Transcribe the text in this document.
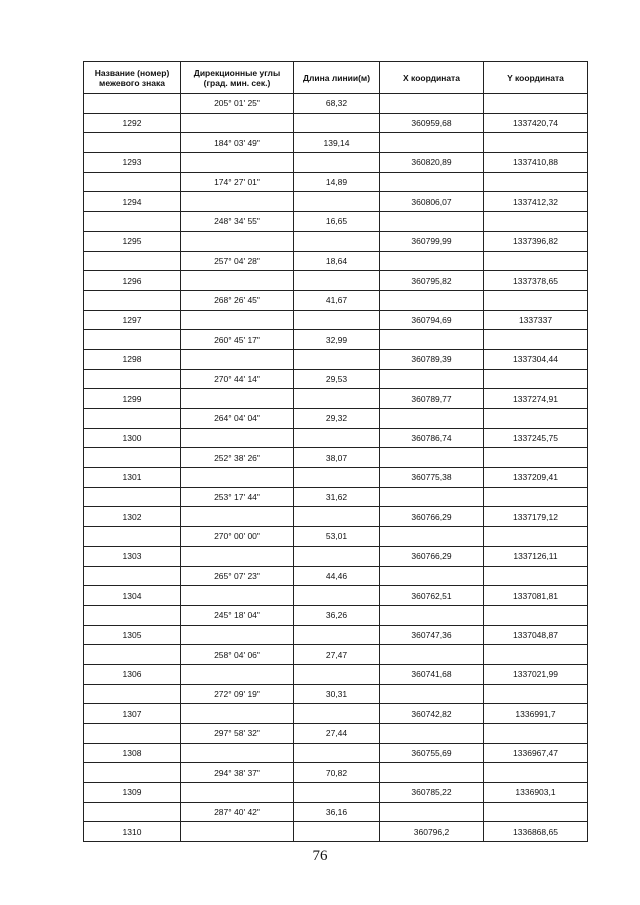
Название (номер) межевого знака	Дирекционные углы (град. мин. сек.)	Длина линии(м)	X координата	Y координата
	205° 01' 25"	68,32		
1292			360959,68	1337420,74
	184° 03' 49"	139,14		
1293			360820,89	1337410,88
	174° 27' 01"	14,89		
1294			360806,07	1337412,32
	248° 34' 55"	16,65		
1295			360799,99	1337396,82
	257° 04' 28"	18,64		
1296			360795,82	1337378,65
	268° 26' 45"	41,67		
1297			360794,69	1337337
	260° 45' 17"	32,99		
1298			360789,39	1337304,44
	270° 44' 14"	29,53		
1299			360789,77	1337274,91
	264° 04' 04"	29,32		
1300			360786,74	1337245,75
	252° 38' 26"	38,07		
1301			360775,38	1337209,41
	253° 17' 44"	31,62		
1302			360766,29	1337179,12
	270° 00' 00"	53,01		
1303			360766,29	1337126,11
	265° 07' 23"	44,46		
1304			360762,51	1337081,81
	245° 18' 04"	36,26		
1305			360747,36	1337048,87
	258° 04' 06"	27,47		
1306			360741,68	1337021,99
	272° 09' 19"	30,31		
1307			360742,82	1336991,7
	297° 58' 32"	27,44		
1308			360755,69	1336967,47
	294° 38' 37"	70,82		
1309			360785,22	1336903,1
	287° 40' 42"	36,16		
1310			360796,2	1336868,65
76
